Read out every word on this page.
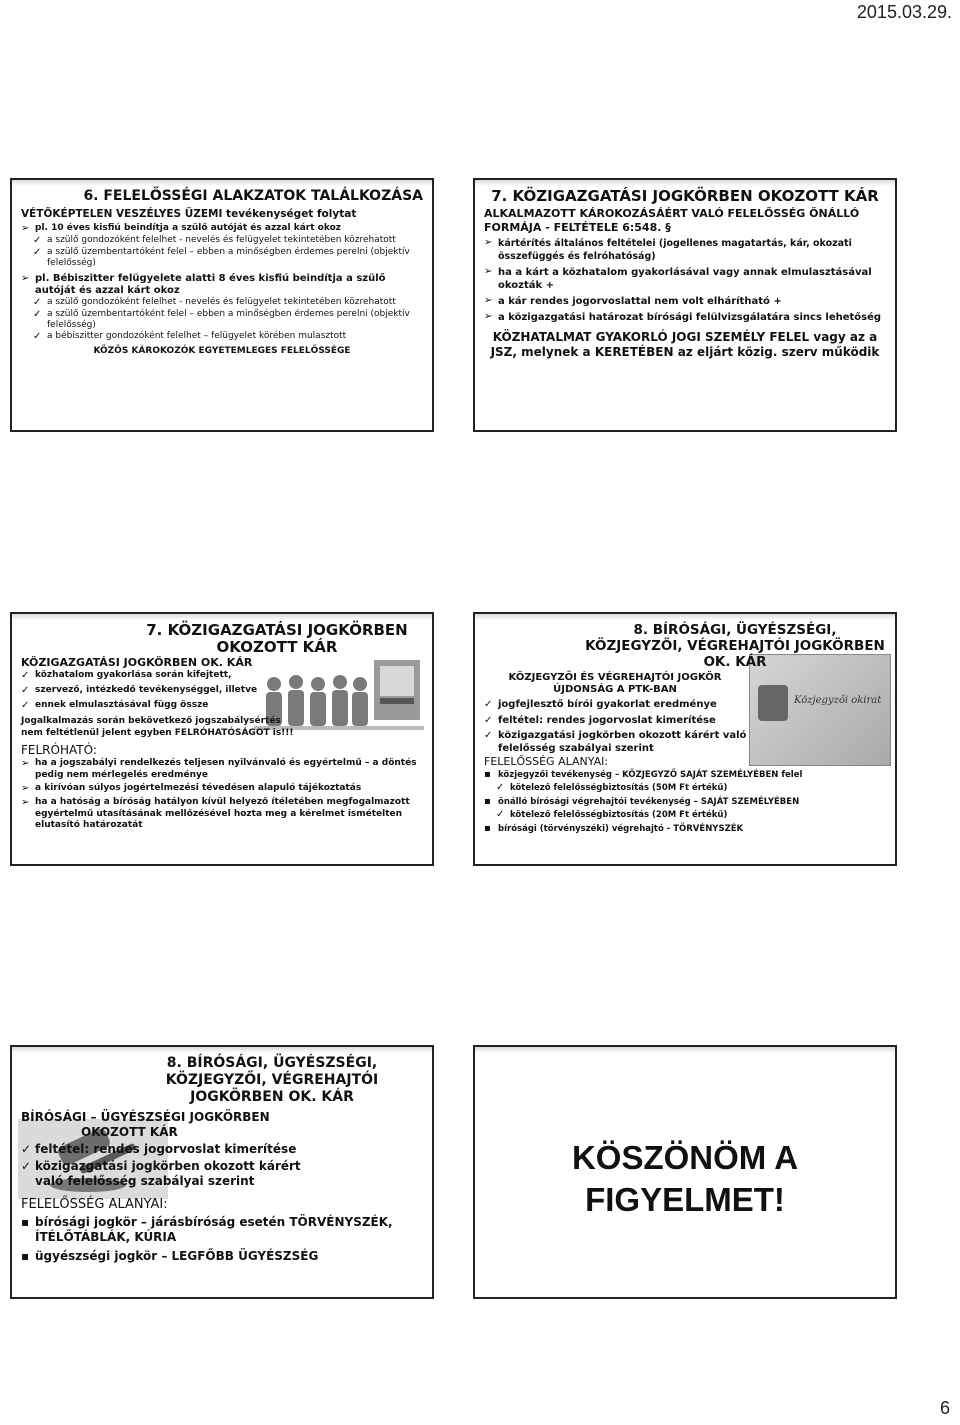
2015.03.29.

6. FELELŐSSÉGI ALAKZATOK TALÁLKOZÁSA

VÉTŐKÉPTELEN VESZÉLYES ÜZEMI tevékenységet folytat

➢ pl. 10 éves kisfiú beindítja a szülő autóját és azzal kárt okoz
✓ a szülő gondozóként felelhet - nevelés és felügyelet tekintetében közrehatott
✓ a szülő üzembentartóként felel – ebben a minőségben érdemes perelni (objektív felelősség)
➢ pl. Bébiszitter felügyelete alatti 8 éves kisfiú beindítja a szülő autóját és azzal kárt okoz
✓ a szülő gondozóként felelhet - nevelés és felügyelet tekintetében közrehatott
✓ a szülő üzembentartóként felel – ebben a minőségben érdemes perelni (objektív felelősség)
✓ a bébiszitter gondozóként felelhet – felügyelet körében mulasztott

KÖZÖS KÁROKOZÓK EGYETEMLEGES FELELŐSSÉGE

7. KÖZIGAZGATÁSI JOGKÖRBEN OKOZOTT KÁR

ALKALMAZOTT KÁROKOZÁSÁÉRT VALÓ FELELŐSSÉG ÖNÁLLÓ FORMÁJA - FELTÉTELE 6:548. §

➢ kártérítés általános feltételei (jogellenes magatartás, kár, okozati összefüggés és felróhatóság)
➢ ha a kárt a közhatalom gyakorlásával vagy annak elmulasztásával okozták +
➢ a kár rendes jogorvoslattal nem volt elhárítható +
➢ a közigazgatási határozat bírósági felülvizsgálatára sincs lehetőség

KÖZHATALMAT GYAKORLÓ JOGI SZEMÉLY FELEL vagy az a JSZ, melynek a KERETÉBEN az eljárt közig. szerv működik

7. KÖZIGAZGATÁSI JOGKÖRBEN OKOZOTT KÁR

KÖZIGAZGATÁSI JOGKÖRBEN OK. KÁR

✓ közhatalom gyakorlása során kifejtett,
✓ szervező, intézkedő tevékenységgel, illetve
✓ ennek elmulasztásával függ össze

Jogalkalmazás során bekövetkező jogszabálysértés nem feltétlenül jelent egyben FELRÓHATÓSÁGOT is!!!

FELRÓHATÓ:

➢ ha a jogszabályi rendelkezés teljesen nyilvánvaló és egyértelmű – a döntés pedig nem mérlegelés eredménye
➢ a kirívóan súlyos jogértelmezési tévedésen alapuló tájékoztatás
➢ ha a hatóság a bíróság hatályon kívül helyező ítéletében megfogalmazott egyértelmű utasításának mellőzésével hozta meg a kérelmet ismételten elutasító határozatát
Közjegyzői okirat

8. BÍRÓSÁGI, ÜGYÉSZSÉGI, KÖZJEGYZŐI, VÉGREHAJTÓI JOGKÖRBEN OK. KÁR

KÖZJEGYZŐI ÉS VÉGREHAJTÓI JOGKÖR

ÚJDONSÁG A PTK-BAN

✓ jogfejlesztő bírói gyakorlat eredménye
✓ feltétel: rendes jogorvoslat kimerítése
✓ közigazgatási jogkörben okozott kárért való felelősség szabályai szerint

FELELŐSSÉG ALANYAI:

▪ közjegyzői tevékenység – KÖZJEGYZŐ SAJÁT SZEMÉLYÉBEN felel
✓ kötelező felelősségbiztosítás (50M Ft értékű)
▪ önálló bírósági végrehajtói tevékenység – SAJÁT SZEMÉLYÉBEN
✓ kötelező felelősségbiztosítás (20M Ft értékű)
▪ bírósági (törvényszéki) végrehajtó - TÖRVÉNYSZÉK

8. BÍRÓSÁGI, ÜGYÉSZSÉGI, KÖZJEGYZŐI, VÉGREHAJTÓI JOGKÖRBEN OK. KÁR

BÍRÓSÁGI – ÜGYÉSZSÉGI JOGKÖRBEN

OKOZOTT KÁR

✓ feltétel: rendes jogorvoslat kimerítése
✓ közigazgatási jogkörben okozott kárért való felelősség szabályai szerint

FELELŐSSÉG ALANYAI:

▪ bírósági jogkör – járásbíróság esetén TÖRVÉNYSZÉK, ÍTÉLŐTÁBLÁK, KÚRIA
▪ ügyészségi jogkör – LEGFŐBB ÜGYÉSZSÉG
KÖSZÖNÖM A
FIGYELMET!
6
